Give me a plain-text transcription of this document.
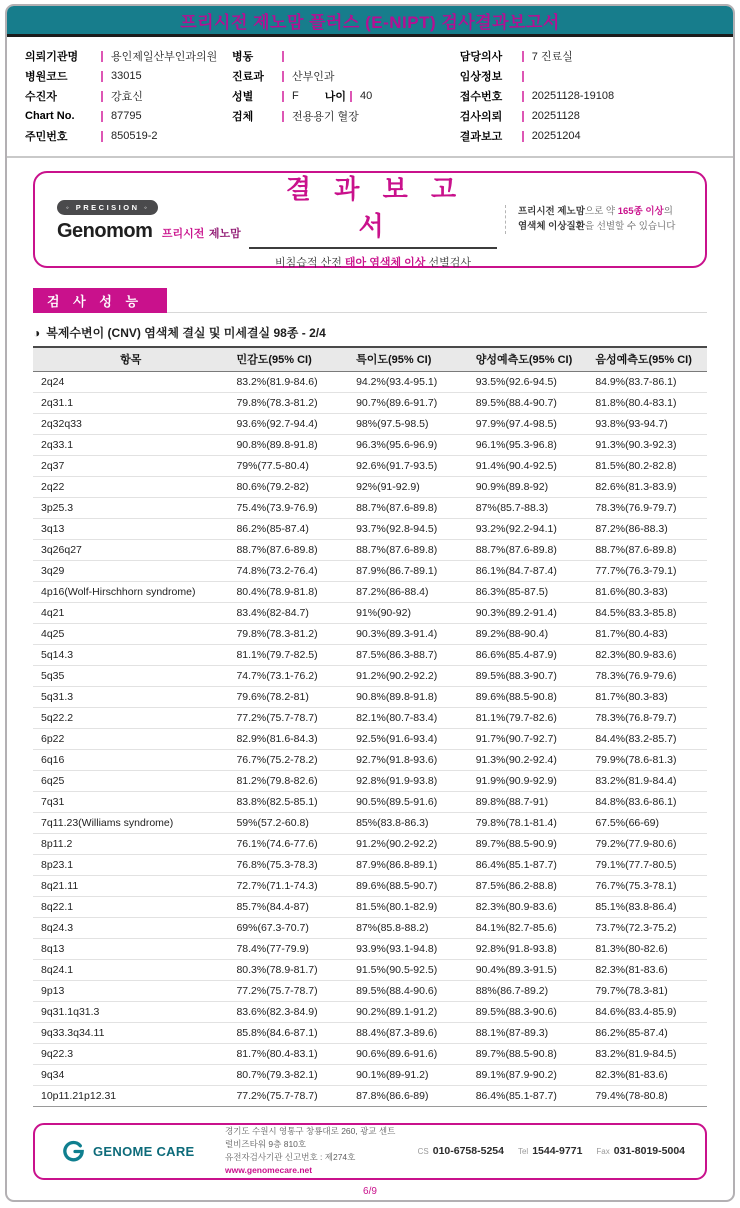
프리시전 제노맘 플러스 (E-NIPT) 검사결과보고서
의뢰기관명	용인제일산부인과의원
병원코드	33015
수진자	강효신
Chart No.	87795
주민번호	850519-2
병동
진료과	산부인과
성별	F 나이 40
검체	전용용기 혈장
담당의사	7 진료실
임상정보
접수번호	20251128-19108
검사의뢰	20251128
결과보고	20251204
◦ PRECISION ◦
Genomom 프리시전 제노맘
결 과 보 고 서
비침습적 산전 태아 염색체 이상 선별검사
프리시전 제노맘으로 약 165종 이상의
염색체 이상질환을 선별할 수 있습니다
검 사 성 능
◑ 복제수변이 (CNV) 염색체 결실 및 미세결실 98종 - 2/4
항목	민감도(95% CI)	특이도(95% CI)	양성예측도(95% CI)	음성예측도(95% CI)
2q24	83.2%(81.9-84.6)	94.2%(93.4-95.1)	93.5%(92.6-94.5)	84.9%(83.7-86.1)
2q31.1	79.8%(78.3-81.2)	90.7%(89.6-91.7)	89.5%(88.4-90.7)	81.8%(80.4-83.1)
2q32q33	93.6%(92.7-94.4)	98%(97.5-98.5)	97.9%(97.4-98.5)	93.8%(93-94.7)
2q33.1	90.8%(89.8-91.8)	96.3%(95.6-96.9)	96.1%(95.3-96.8)	91.3%(90.3-92.3)
2q37	79%(77.5-80.4)	92.6%(91.7-93.5)	91.4%(90.4-92.5)	81.5%(80.2-82.8)
2q22	80.6%(79.2-82)	92%(91-92.9)	90.9%(89.8-92)	82.6%(81.3-83.9)
3p25.3	75.4%(73.9-76.9)	88.7%(87.6-89.8)	87%(85.7-88.3)	78.3%(76.9-79.7)
3q13	86.2%(85-87.4)	93.7%(92.8-94.5)	93.2%(92.2-94.1)	87.2%(86-88.3)
3q26q27	88.7%(87.6-89.8)	88.7%(87.6-89.8)	88.7%(87.6-89.8)	88.7%(87.6-89.8)
3q29	74.8%(73.2-76.4)	87.9%(86.7-89.1)	86.1%(84.7-87.4)	77.7%(76.3-79.1)
4p16(Wolf-Hirschhorn syndrome)	80.4%(78.9-81.8)	87.2%(86-88.4)	86.3%(85-87.5)	81.6%(80.3-83)
4q21	83.4%(82-84.7)	91%(90-92)	90.3%(89.2-91.4)	84.5%(83.3-85.8)
4q25	79.8%(78.3-81.2)	90.3%(89.3-91.4)	89.2%(88-90.4)	81.7%(80.4-83)
5q14.3	81.1%(79.7-82.5)	87.5%(86.3-88.7)	86.6%(85.4-87.9)	82.3%(80.9-83.6)
5q35	74.7%(73.1-76.2)	91.2%(90.2-92.2)	89.5%(88.3-90.7)	78.3%(76.9-79.6)
5q31.3	79.6%(78.2-81)	90.8%(89.8-91.8)	89.6%(88.5-90.8)	81.7%(80.3-83)
5q22.2	77.2%(75.7-78.7)	82.1%(80.7-83.4)	81.1%(79.7-82.6)	78.3%(76.8-79.7)
6p22	82.9%(81.6-84.3)	92.5%(91.6-93.4)	91.7%(90.7-92.7)	84.4%(83.2-85.7)
6q16	76.7%(75.2-78.2)	92.7%(91.8-93.6)	91.3%(90.2-92.4)	79.9%(78.6-81.3)
6q25	81.2%(79.8-82.6)	92.8%(91.9-93.8)	91.9%(90.9-92.9)	83.2%(81.9-84.4)
7q31	83.8%(82.5-85.1)	90.5%(89.5-91.6)	89.8%(88.7-91)	84.8%(83.6-86.1)
7q11.23(Williams syndrome)	59%(57.2-60.8)	85%(83.8-86.3)	79.8%(78.1-81.4)	67.5%(66-69)
8p11.2	76.1%(74.6-77.6)	91.2%(90.2-92.2)	89.7%(88.5-90.9)	79.2%(77.9-80.6)
8p23.1	76.8%(75.3-78.3)	87.9%(86.8-89.1)	86.4%(85.1-87.7)	79.1%(77.7-80.5)
8q21.11	72.7%(71.1-74.3)	89.6%(88.5-90.7)	87.5%(86.2-88.8)	76.7%(75.3-78.1)
8q22.1	85.7%(84.4-87)	81.5%(80.1-82.9)	82.3%(80.9-83.6)	85.1%(83.8-86.4)
8q24.3	69%(67.3-70.7)	87%(85.8-88.2)	84.1%(82.7-85.6)	73.7%(72.3-75.2)
8q13	78.4%(77-79.9)	93.9%(93.1-94.8)	92.8%(91.8-93.8)	81.3%(80-82.6)
8q24.1	80.3%(78.9-81.7)	91.5%(90.5-92.5)	90.4%(89.3-91.5)	82.3%(81-83.6)
9p13	77.2%(75.7-78.7)	89.5%(88.4-90.6)	88%(86.7-89.2)	79.7%(78.3-81)
9q31.1q31.3	83.6%(82.3-84.9)	90.2%(89.1-91.2)	89.5%(88.3-90.6)	84.6%(83.4-85.9)
9q33.3q34.11	85.8%(84.6-87.1)	88.4%(87.3-89.6)	88.1%(87-89.3)	86.2%(85-87.4)
9q22.3	81.7%(80.4-83.1)	90.6%(89.6-91.6)	89.7%(88.5-90.8)	83.2%(81.9-84.5)
9q34	80.7%(79.3-82.1)	90.1%(89-91.2)	89.1%(87.9-90.2)	82.3%(81-83.6)
10p11.21p12.31	77.2%(75.7-78.7)	87.8%(86.6-89)	86.4%(85.1-87.7)	79.4%(78-80.8)
GENOME CARE
경기도 수원시 영통구 창룡대로 260, 광교 센트럴비즈타워 9층 810호
유전자검사기관 신고번호 : 제274호
www.genomecare.net
CS 010-6758-5254 Tel 1544-9771 Fax 031-8019-5004
6/9
